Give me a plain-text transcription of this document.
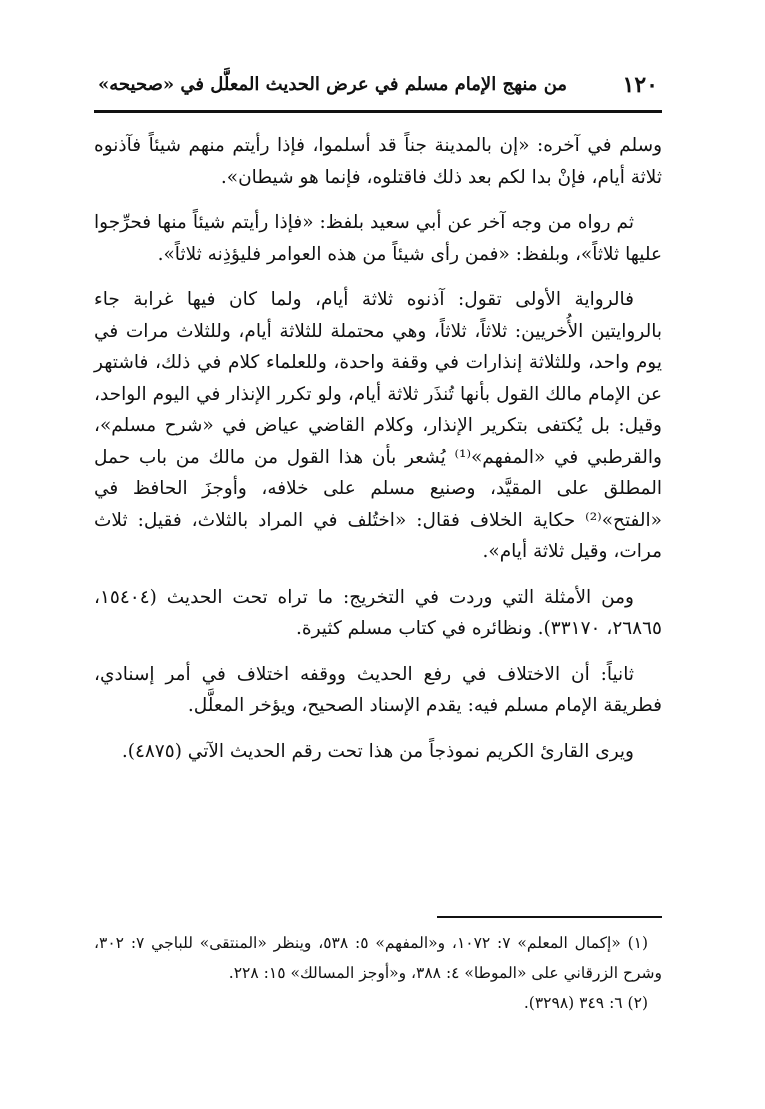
١٢٠
من منهج الإمام مسلم في عرض الحديث المعلَّل في «صحيحه»

وسلم في آخره: «إن بالمدينة جناً قد أسلموا، فإذا رأيتم منهم شيئاً فآذنوه ثلاثة أيام، فإنْ بدا لكم بعد ذلك فاقتلوه، فإنما هو شيطان».

ثم رواه من وجه آخر عن أبي سعيد بلفظ: «فإذا رأيتم شيئاً منها فحرِّجوا عليها ثلاثاً»، وبلفظ: «فمن رأى شيئاً من هذه العوامر فليؤذِنه ثلاثاً».

فالرواية الأولى تقول: آذنوه ثلاثة أيام، ولما كان فيها غرابة جاء بالروايتين الأُخريين: ثلاثاً، ثلاثاً، وهي محتملة للثلاثة أيام، وللثلاث مرات في يوم واحد، وللثلاثة إنذارات في وقفة واحدة، وللعلماء كلام في ذلك، فاشتهر عن الإمام مالك القول بأنها تُنذَر ثلاثة أيام، ولو تكرر الإنذار في اليوم الواحد، وقيل: بل يُكتفى بتكرير الإنذار، وكلام القاضي عياض في «شرح مسلم»، والقرطبي في «المفهم»⁽¹⁾ يُشعر بأن هذا القول من مالك من باب حمل المطلق على المقيَّد، وصنيع مسلم على خلافه، وأوجزَ الحافظ في «الفتح»⁽²⁾ حكاية الخلاف فقال: «اختُلف في المراد بالثلاث، فقيل: ثلاث مرات، وقيل ثلاثة أيام».

ومن الأمثلة التي وردت في التخريج: ما تراه تحت الحديث (١٥٤٠٤، ٢٦٨٦٥، ٣٣١٧٠). ونظائره في كتاب مسلم كثيرة.

ثانياً: أن الاختلاف في رفع الحديث ووقفه اختلاف في أمر إسنادي، فطريقة الإمام مسلم فيه: يقدم الإسناد الصحيح، ويؤخر المعلَّل.

ويرى القارئ الكريم نموذجاً من هذا تحت رقم الحديث الآتي (٤٨٧٥).

(١) «إكمال المعلم» ٧: ١٠٧٢، و«المفهم» ٥: ٥٣٨، وينظر «المنتقى» للباجي ٧: ٣٠٢، وشرح الزرقاني على «الموطا» ٤: ٣٨٨، و«أوجز المسالك» ١٥: ٢٢٨.

(٢) ٦: ٣٤٩ (٣٢٩٨).
